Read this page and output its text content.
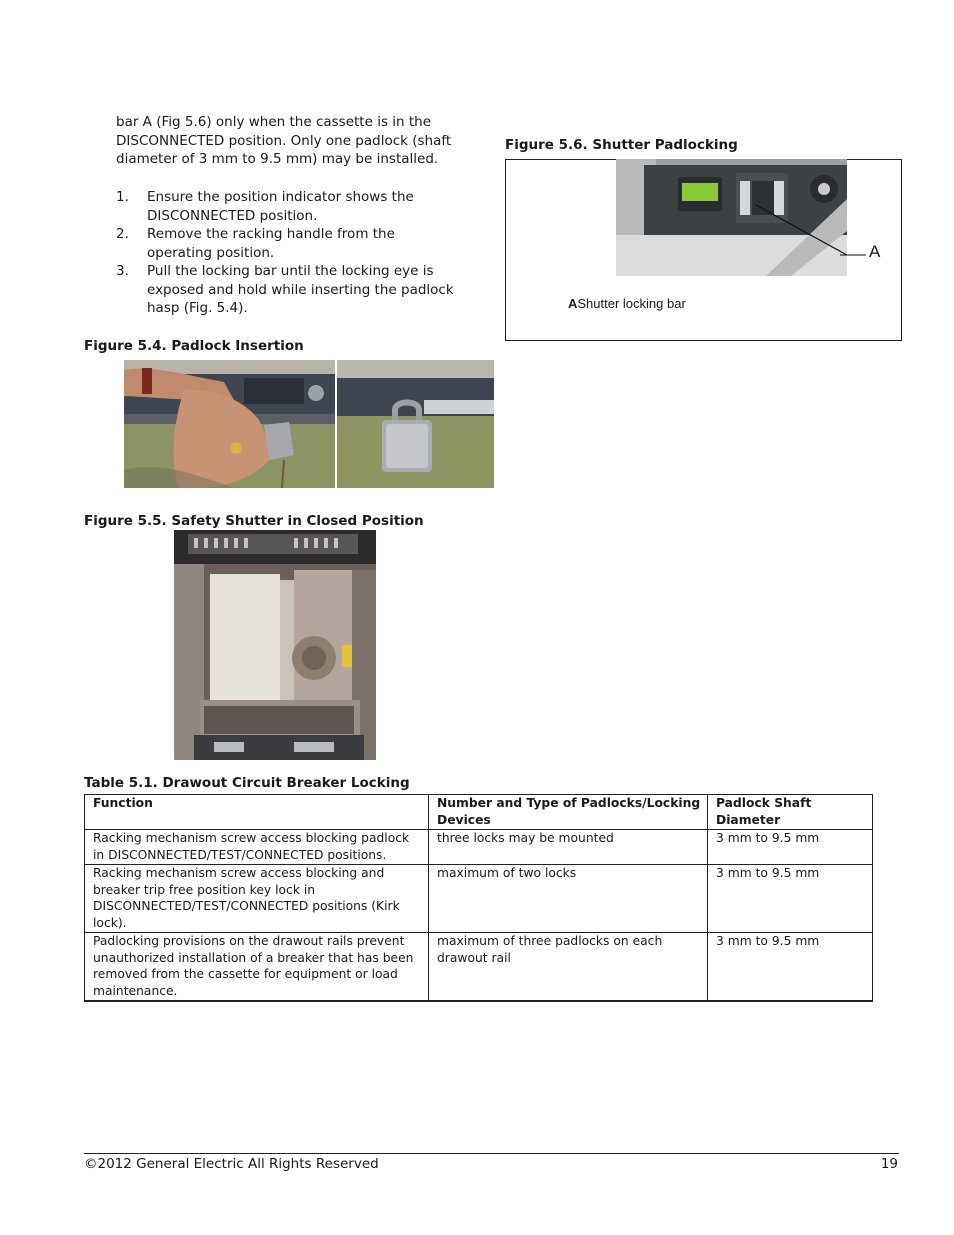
bar A (Fig 5.6) only when the cassette is in the DISCONNECTED position. Only one padlock (shaft diameter of 3 mm to 9.5 mm) may be installed.
1. Ensure the position indicator shows the DISCONNECTED position.
2. Remove the racking handle from the operating position.
3. Pull the locking bar until the locking eye is exposed and hold while inserting the padlock hasp (Fig. 5.4).
Figure 5.4. Padlock Insertion
Figure 5.5. Safety Shutter in Closed Position
Figure 5.6. Shutter Padlocking
A
AShutter locking bar
Table 5.1. Drawout Circuit Breaker Locking
Function	Number and Type of Padlocks/Locking Devices	Padlock Shaft Diameter
Racking mechanism screw access blocking padlock in DISCONNECTED/TEST/CONNECTED positions.	three locks may be mounted	3 mm to 9.5 mm
Racking mechanism screw access blocking and breaker trip free position key lock in DISCONNECTED/TEST/CONNECTED positions (Kirk lock).	maximum of two locks	3 mm to 9.5 mm
Padlocking provisions on the drawout rails prevent unauthorized installation of a breaker that has been removed from the cassette for equipment or load maintenance.	maximum of three padlocks on each drawout rail	3 mm to 9.5 mm
©2012 General Electric All Rights Reserved	19
